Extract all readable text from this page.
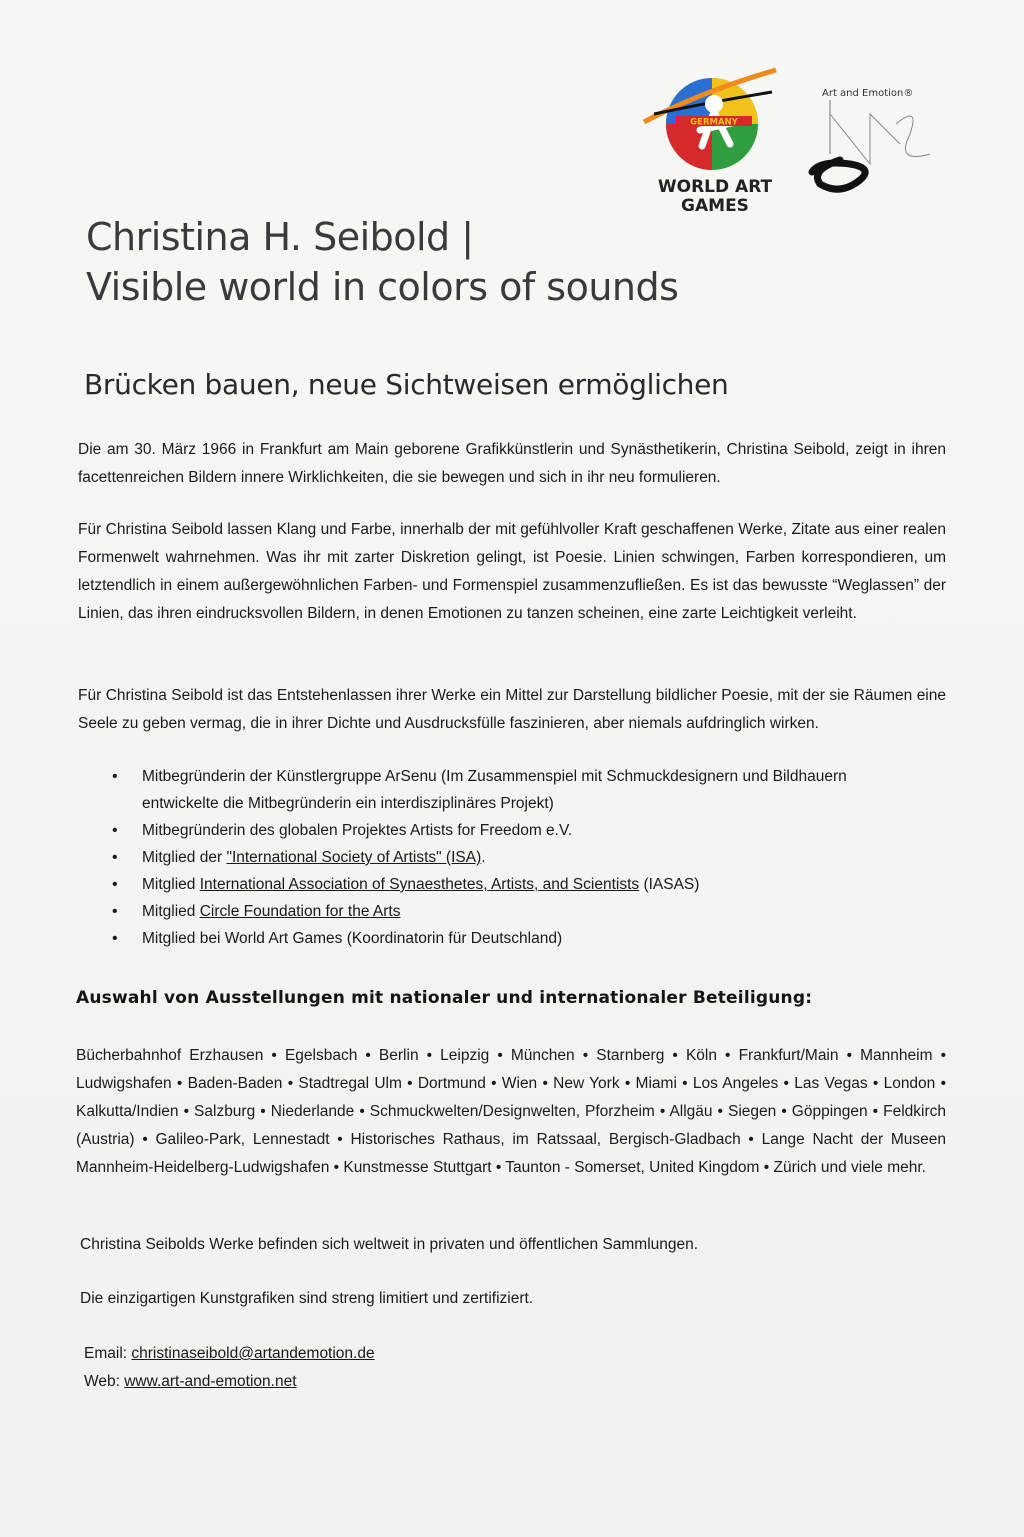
GERMANY
WORLD ART
GAMES
Art and Emotion®
Christina H. Seibold |
Visible world in colors of sounds
Brücken bauen, neue Sichtweisen ermöglichen
Die am 30. März 1966 in Frankfurt am Main geborene Grafikkünstlerin und Synästhetikerin, Christina Seibold, zeigt in ihren facettenreichen Bildern innere Wirklichkeiten, die sie bewegen und sich in ihr neu formulieren.
Für Christina Seibold lassen Klang und Farbe, innerhalb der mit gefühlvoller Kraft geschaffenen Werke, Zitate aus einer realen Formenwelt wahrnehmen. Was ihr mit zarter Diskretion gelingt, ist Poesie. Linien schwingen, Farben korrespondieren, um letztendlich in einem außergewöhnlichen Farben- und Formenspiel zusammenzufließen. Es ist das bewusste “Weglassen” der Linien, das ihren eindrucksvollen Bildern, in denen Emotionen zu tanzen scheinen, eine zarte Leichtigkeit verleiht.
Für Christina Seibold ist das Entstehenlassen ihrer Werke ein Mittel zur Darstellung bildlicher Poesie, mit der sie Räumen eine Seele zu geben vermag, die in ihrer Dichte und Ausdrucksfülle faszinieren, aber niemals aufdringlich wirken.
• Mitbegründerin der Künstlergruppe ArSenu (Im Zusammenspiel mit Schmuckdesignern und Bildhauern entwickelte die Mitbegründerin ein interdisziplinäres Projekt)
• Mitbegründerin des globalen Projektes Artists for Freedom e.V.
• Mitglied der "International Society of Artists" (ISA).
• Mitglied International Association of Synaesthetes, Artists, and Scientists (IASAS)
• Mitglied Circle Foundation for the Arts
• Mitglied bei World Art Games (Koordinatorin für Deutschland)
Auswahl von Ausstellungen mit nationaler und internationaler Beteiligung:
Bücherbahnhof Erzhausen • Egelsbach • Berlin • Leipzig • München • Starnberg • Köln • Frankfurt/Main • Mannheim • Ludwigshafen • Baden-Baden • Stadtregal Ulm • Dortmund • Wien • New York • Miami • Los Angeles • Las Vegas • London • Kalkutta/Indien • Salzburg • Niederlande • Schmuckwelten/Designwelten, Pforzheim • Allgäu • Siegen • Göppingen • Feldkirch (Austria) • Galileo-Park, Lennestadt • Historisches Rathaus, im Ratssaal, Bergisch-Gladbach • Lange Nacht der Museen Mannheim-Heidelberg-Ludwigshafen • Kunstmesse Stuttgart • Taunton - Somerset, United Kingdom • Zürich und viele mehr.
Christina Seibolds Werke befinden sich weltweit in privaten und öffentlichen Sammlungen.
Die einzigartigen Kunstgrafiken sind streng limitiert und zertifiziert.
Email: christinaseibold@artandemotion.de
Web: www.art-and-emotion.net
